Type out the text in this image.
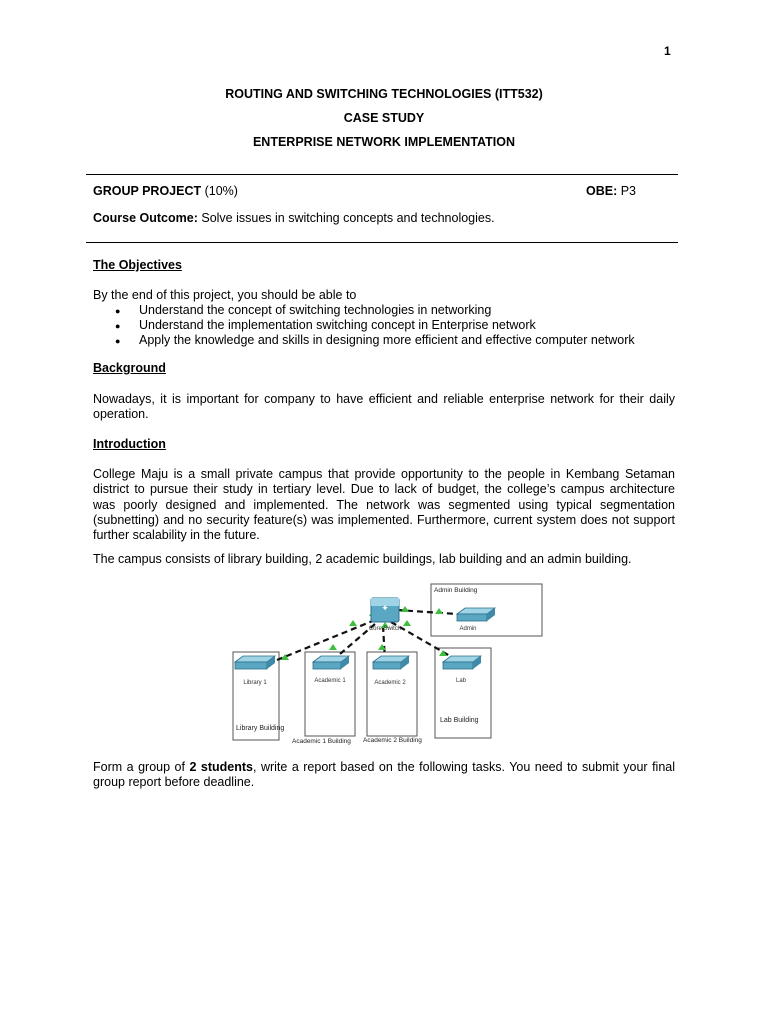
1
ROUTING AND SWITCHING TECHNOLOGIES (ITT532)
CASE STUDY
ENTERPRISE NETWORK IMPLEMENTATION
GROUP PROJECT (10%)	OBE: P3
Course Outcome: Solve issues in switching concepts and technologies.
The Objectives
By the end of this project, you should be able to
● Understand the concept of switching technologies in networking
● Understand the implementation switching concept in Enterprise network
● Apply the knowledge and skills in designing more efficient and effective computer network
Background
Nowadays, it is important for company to have efficient and reliable enterprise network for their daily
operation.
Introduction
College Maju is a small private campus that provide opportunity to the people in Kembang Setaman
district to pursue their study in tertiary level. Due to lack of budget, the college’s campus architecture
was poorly designed and implemented. The network was segmented using typical segmentation
(subnetting) and no security feature(s) was implemented. Furthermore, current system does not support
further scalability in the future.
The campus consists of library building, 2 academic buildings, lab building and an admin building.
✦
Core Switch
Library 1	Academic 1	Academic 2	Lab
Admin
Library Building
Academic 1 Building Academic 2 Building
Lab Building
Admin Building
Form a group of 2 students, write a report based on the following tasks. You need to submit your final
group report before deadline.
